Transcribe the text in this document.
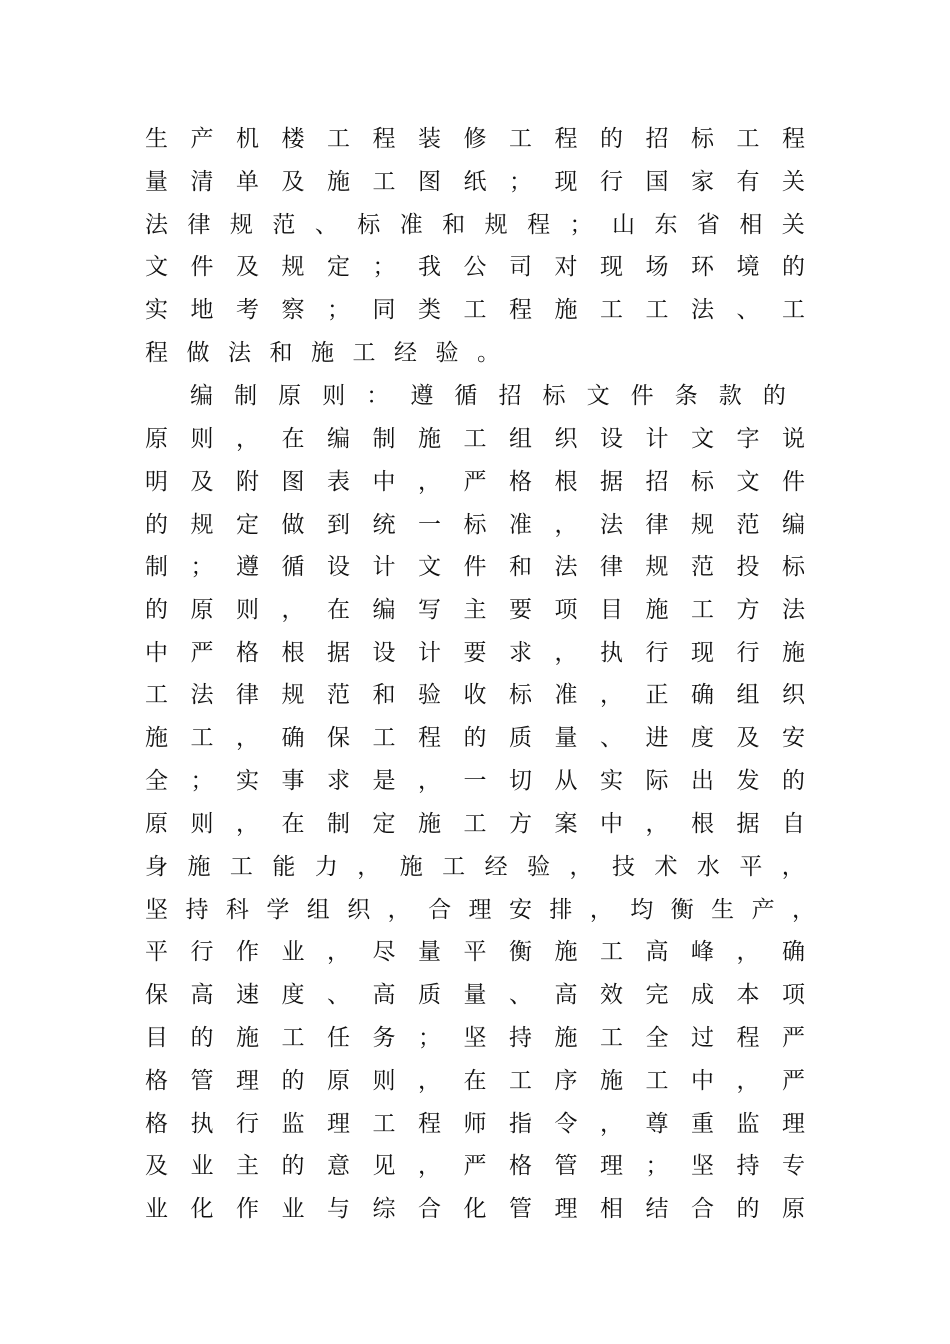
生 产 机 楼 工 程 装 修 工 程 的 招 标 工 程
量 清 单 及 施 工 图 纸 ； 现 行 国 家 有 关
法 律 规 范 、 标 准 和 规 程 ； 山 东 省 相 关
文 件 及 规 定 ； 我 公 司 对 现 场 环 境 的
实 地 考 察 ； 同 类 工 程 施 工 工 法 、 工
程 做 法 和 施 工 经 验 。
编 制 原 则 ： 遵 循 招 标 文 件 条 款 的
原 则 ， 在 编 制 施 工 组 织 设 计 文 字 说
明 及 附 图 表 中 ， 严 格 根 据 招 标 文 件
的 规 定 做 到 统 一 标 准 ， 法 律 规 范 编
制 ； 遵 循 设 计 文 件 和 法 律 规 范 投 标
的 原 则 ， 在 编 写 主 要 项 目 施 工 方 法
中 严 格 根 据 设 计 要 求 ， 执 行 现 行 施
工 法 律 规 范 和 验 收 标 准 ， 正 确 组 织
施 工 ， 确 保 工 程 的 质 量 、 进 度 及 安
全 ； 实 事 求 是 ， 一 切 从 实 际 出 发 的
原 则 ， 在 制 定 施 工 方 案 中 ， 根 据 自
身 施 工 能 力 ， 施 工 经 验 ， 技 术 水 平 ，
坚 持 科 学 组 织 ， 合 理 安 排 ， 均 衡 生 产 ，
平 行 作 业 ， 尽 量 平 衡 施 工 高 峰 ， 确
保 高 速 度 、 高 质 量 、 高 效 完 成 本 项
目 的 施 工 任 务 ； 坚 持 施 工 全 过 程 严
格 管 理 的 原 则 ， 在 工 序 施 工 中 ， 严
格 执 行 监 理 工 程 师 指 令 ， 尊 重 监 理
及 业 主 的 意 见 ， 严 格 管 理 ； 坚 持 专
业 化 作 业 与 综 合 化 管 理 相 结 合 的 原
